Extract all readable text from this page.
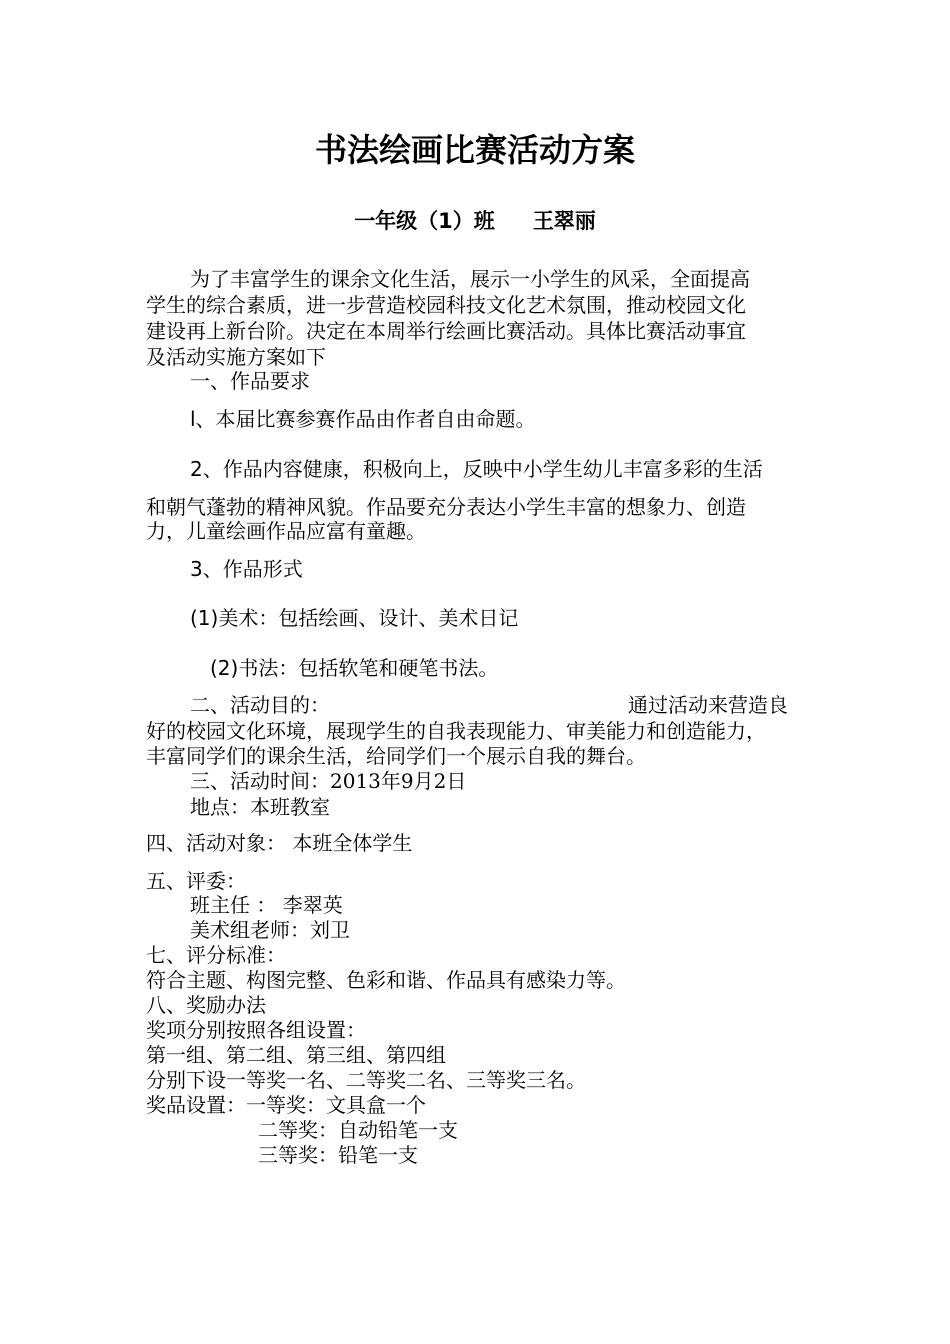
书法绘画比赛活动方案
一年级（1）班 王翠丽
为了丰富学生的课余文化生活，展示一小学生的风采，全面提高
学生的综合素质，进一步营造校园科技文化艺术氛围，推动校园文化
建设再上新台阶。决定在本周举行绘画比赛活动。具体比赛活动事宜
及活动实施方案如下
一、作品要求
l、本届比赛参赛作品由作者自由命题。
2、作品内容健康，积极向上，反映中小学生幼儿丰富多彩的生活
和朝气蓬勃的精神风貌。作品要充分表达小学生丰富的想象力、创造
力，儿童绘画作品应富有童趣。
3、作品形式
(1)美术：包括绘画、设计、美术日记
(2)书法：包括软笔和硬笔书法。
二、活动目的：	通过活动来营造良
好的校园文化环境，展现学生的自我表现能力、审美能力和创造能力，
丰富同学们的课余生活，给同学们一个展示自我的舞台。
三、活动时间：2013年9月2日
地点：本班教室
四、活动对象： 本班全体学生
五、评委：
班主任 ： 李翠英
美术组老师：刘卫
七、评分标准：
符合主题、构图完整、色彩和谐、作品具有感染力等。
八、奖励办法
奖项分别按照各组设置：
第一组、第二组、第三组、第四组
分别下设一等奖一名、二等奖二名、三等奖三名。
奖品设置：一等奖：文具盒一个
二等奖：自动铅笔一支
三等奖：铅笔一支
